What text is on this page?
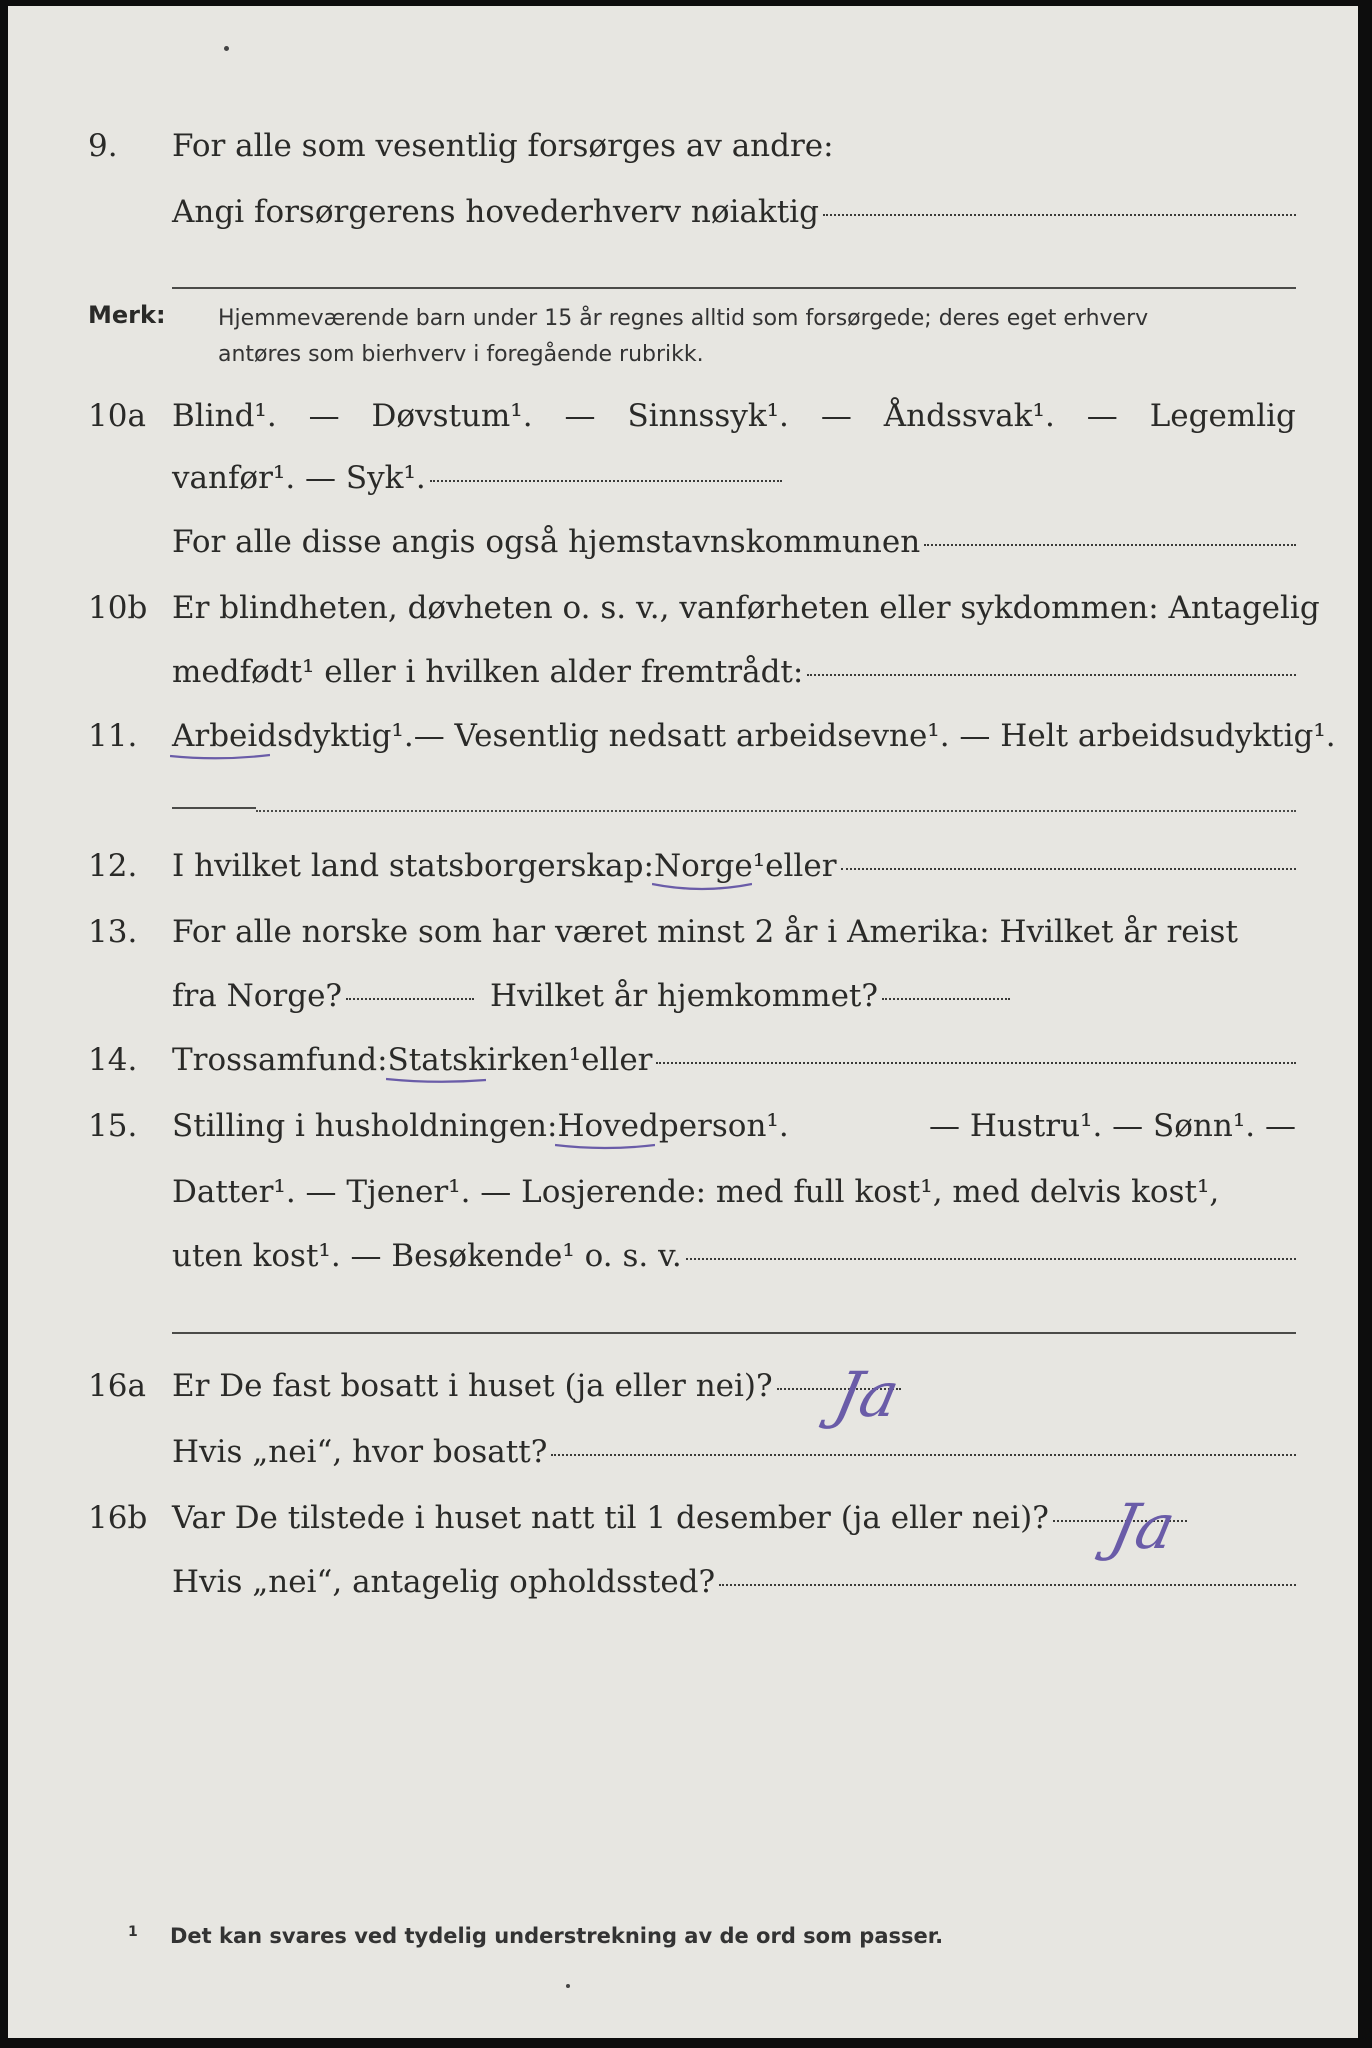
9. For alle som vesentlig forsørges av andre:
Angi forsørgerens hovederhverv nøiaktig
Merk: Hjemmeværende barn under 15 år regnes alltid som forsørgede; deres eget erhverv
antøres som bierhverv i foregående rubrikk.
10a Blind¹. — Døvstum¹. — Sinnssyk¹. — Åndssvak¹. — Legemlig
vanfør¹. — Syk¹.
For alle disse angis også hjemstavnskommunen
10b Er blindheten, døvheten o. s. v., vanførheten eller sykdommen: Antagelig
medfødt¹ eller i hvilken alder fremtrådt:
11. Arbeidsdyktig¹. — Vesentlig nedsatt arbeidsevne¹. — Helt arbeidsudyktig¹.
12. I hvilket land statsborgerskap: Norge¹ eller
13. For alle norske som har været minst 2 år i Amerika: Hvilket år reist
fra Norge?	Hvilket år hjemkommet?
14. Trossamfund: Statskirken¹ eller
15. Stilling i husholdningen: Hovedperson¹.	— Hustru¹. — Sønn¹. —
Datter¹. — Tjener¹. — Losjerende: med full kost¹, med delvis kost¹,
uten kost¹. — Besøkende¹ o. s. v.
16a Er De fast bosatt i huset (ja eller nei)? Ja
Hvis „nei“, hvor bosatt?
16b Var De tilstede i huset natt til 1 desember (ja eller nei)? Ja
Hvis „nei“, antagelig opholdssted?
1 Det kan svares ved tydelig understrekning av de ord som passer.
